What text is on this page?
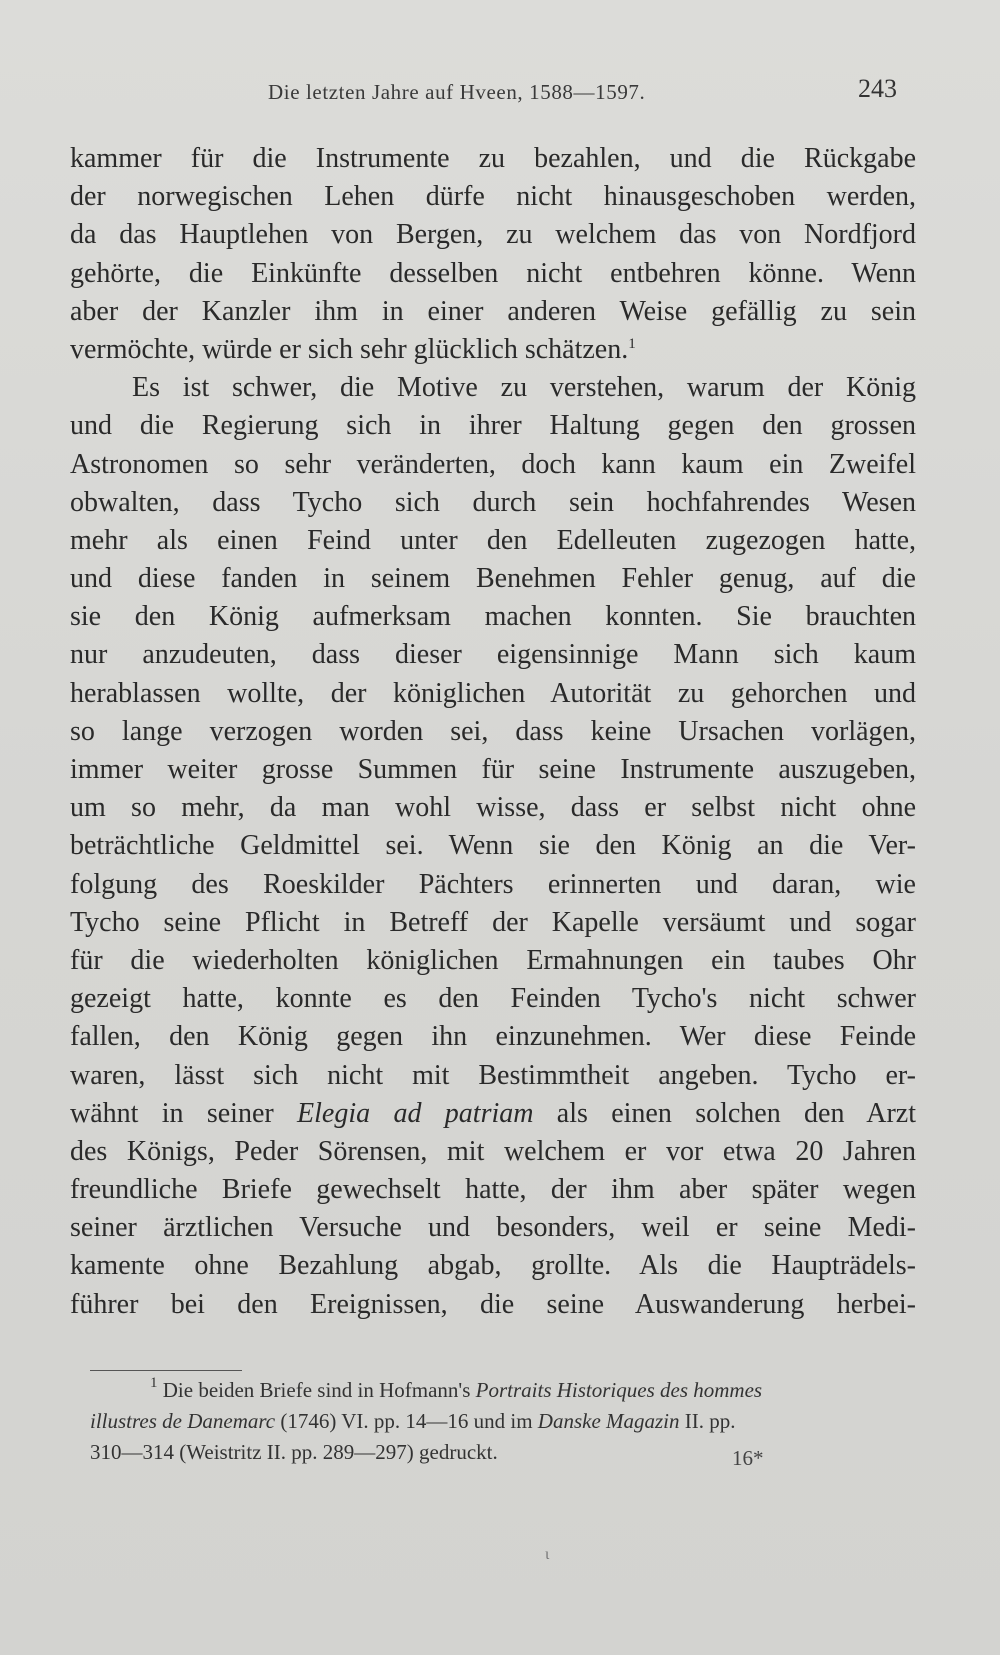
Die letzten Jahre auf Hveen, 1588—1597.	243
kammer für die Instrumente zu bezahlen, und die Rückgabe
der norwegischen Lehen dürfe nicht hinausgeschoben werden,
da das Hauptlehen von Bergen, zu welchem das von Nordfjord
gehörte, die Einkünfte desselben nicht entbehren könne. Wenn
aber der Kanzler ihm in einer anderen Weise gefällig zu sein
vermöchte, würde er sich sehr glücklich schätzen.$^1$
Es ist schwer, die Motive zu verstehen, warum der König
und die Regierung sich in ihrer Haltung gegen den grossen
Astronomen so sehr veränderten, doch kann kaum ein Zweifel
obwalten, dass Tycho sich durch sein hochfahrendes Wesen
mehr als einen Feind unter den Edelleuten zugezogen hatte,
und diese fanden in seinem Benehmen Fehler genug, auf die
sie den König aufmerksam machen konnten. Sie brauchten
nur anzudeuten, dass dieser eigensinnige Mann sich kaum
herablassen wollte, der königlichen Autorität zu gehorchen und
so lange verzogen worden sei, dass keine Ursachen vorlägen,
immer weiter grosse Summen für seine Instrumente auszugeben,
um so mehr, da man wohl wisse, dass er selbst nicht ohne
beträchtliche Geldmittel sei. Wenn sie den König an die Ver-
folgung des Roeskilder Pächters erinnerten und daran, wie
Tycho seine Pflicht in Betreff der Kapelle versäumt und sogar
für die wiederholten königlichen Ermahnungen ein taubes Ohr
gezeigt hatte, konnte es den Feinden Tycho's nicht schwer
fallen, den König gegen ihn einzunehmen. Wer diese Feinde
waren, lässt sich nicht mit Bestimmtheit angeben. Tycho er-
wähnt in seiner Elegia ad patriam als einen solchen den Arzt
des Königs, Peder Sörensen, mit welchem er vor etwa 20 Jahren
freundliche Briefe gewechselt hatte, der ihm aber später wegen
seiner ärztlichen Versuche und besonders, weil er seine Medi-
kamente ohne Bezahlung abgab, grollte. Als die Haupträdels-
führer bei den Ereignissen, die seine Auswanderung herbei-
$^1$ Die beiden Briefe sind in Hofmann's Portraits Historiques des hommes
illustres de Danemarc (1746) VI. pp. 14—16 und im Danske Magazin II. pp.
310—314 (Weistritz II. pp. 289—297) gedruckt.	16*
ɩ
